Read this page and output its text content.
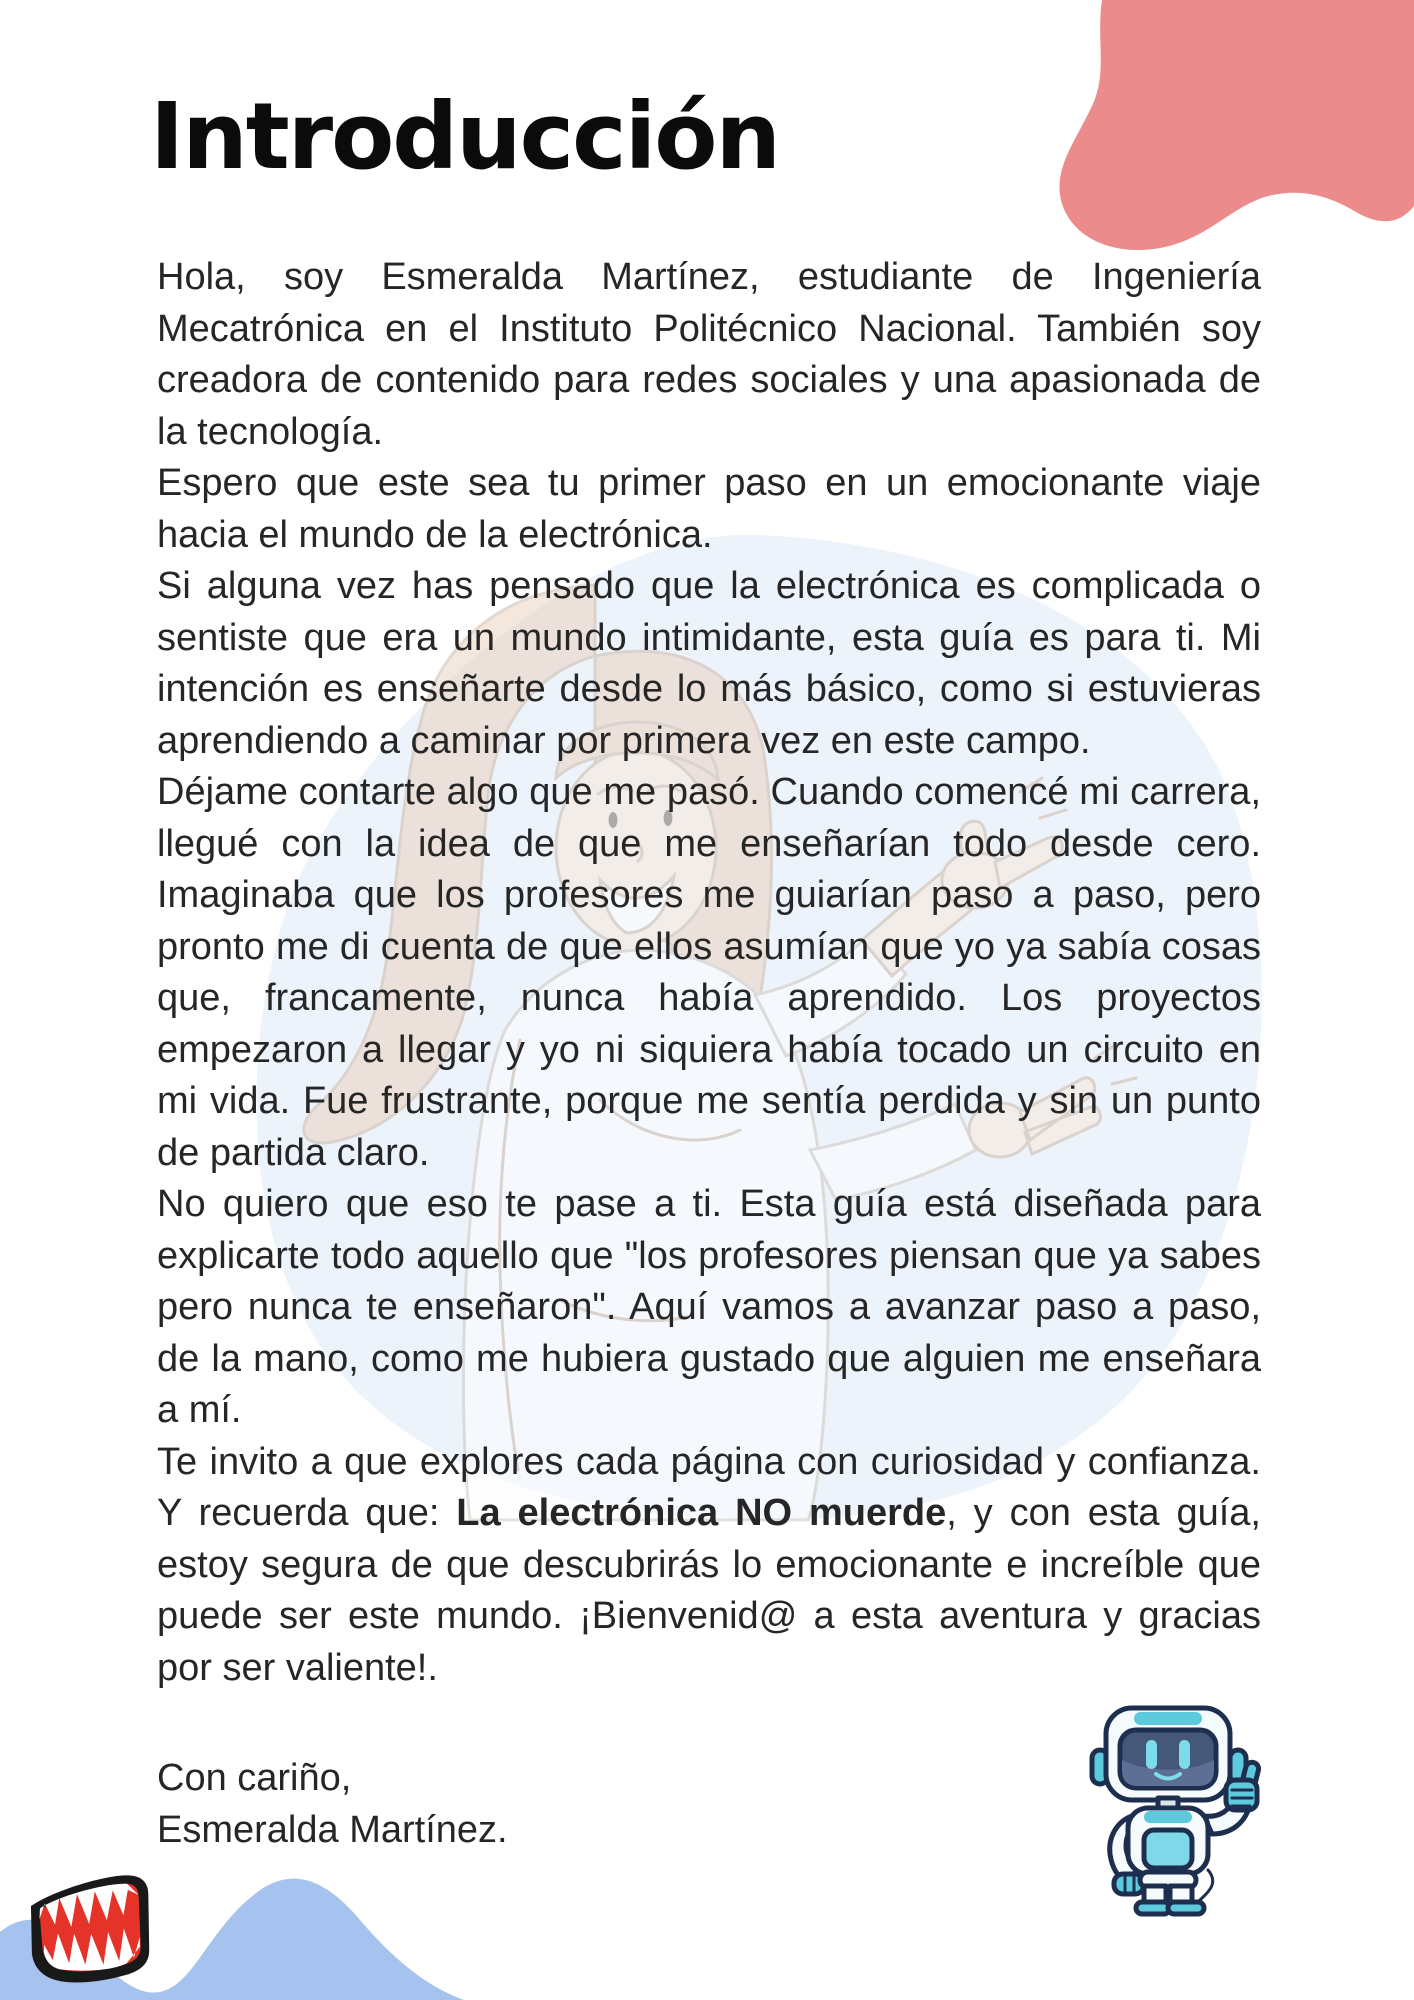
Introducción

Hola, soy Esmeralda Martínez, estudiante de Ingeniería Mecatrónica en el Instituto Politécnico Nacional. También soy creadora de contenido para redes sociales y una apasionada de la tecnología.

Espero que este sea tu primer paso en un emocionante viaje hacia el mundo de la electrónica.

Si alguna vez has pensado que la electrónica es complicada o sentiste que era un mundo intimidante, esta guía es para ti. Mi intención es enseñarte desde lo más básico, como si estuvieras aprendiendo a caminar por primera vez en este campo.

Déjame contarte algo que me pasó. Cuando comencé mi carrera, llegué con la idea de que me enseñarían todo desde cero. Imaginaba que los profesores me guiarían paso a paso, pero pronto me di cuenta de que ellos asumían que yo ya sabía cosas que, francamente, nunca había aprendido. Los proyectos empezaron a llegar y yo ni siquiera había tocado un circuito en mi vida. Fue frustrante, porque me sentía perdida y sin un punto de partida claro.

No quiero que eso te pase a ti. Esta guía está diseñada para explicarte todo aquello que "los profesores piensan que ya sabes pero nunca te enseñaron". Aquí vamos a avanzar paso a paso, de la mano, como me hubiera gustado que alguien me enseñara a mí.

Te invito a que explores cada página con curiosidad y confianza. Y recuerda que: La electrónica NO muerde, y con esta guía, estoy segura de que descubrirás lo emocionante e increíble que puede ser este mundo. ¡Bienvenid@ a esta aventura y gracias por ser valiente!.

Con cariño,

Esmeralda Martínez.
